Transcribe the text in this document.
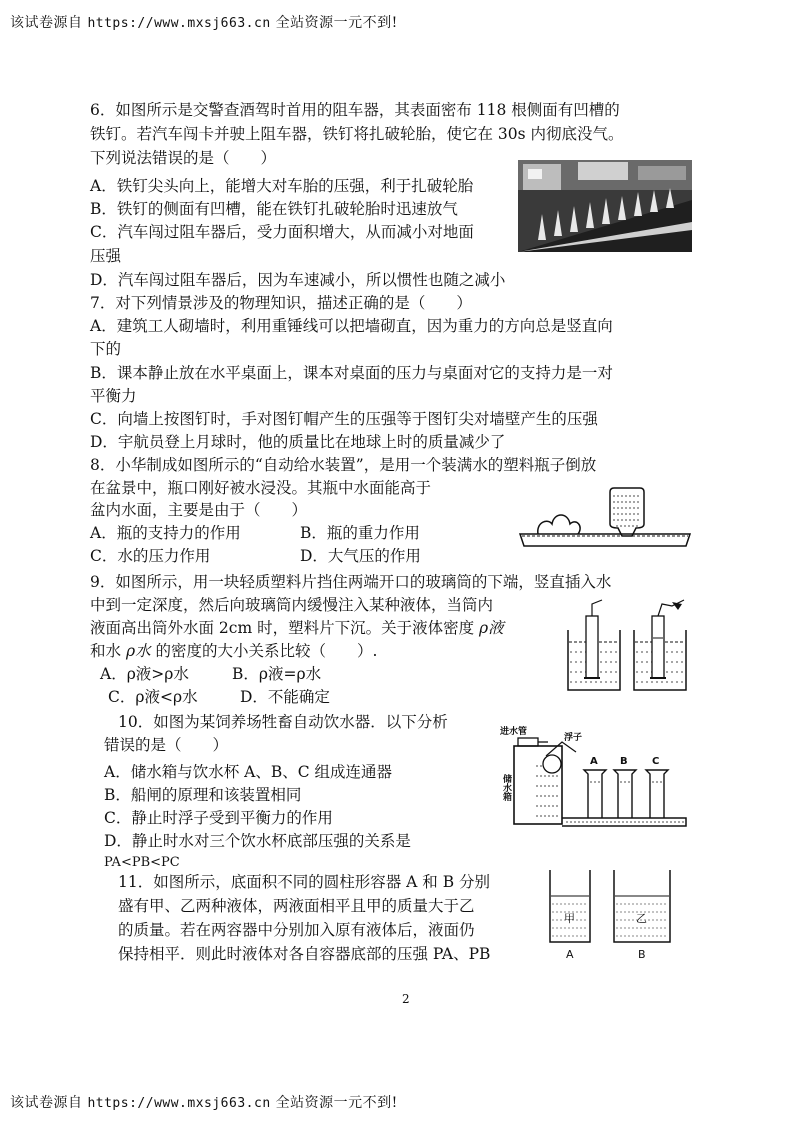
该试卷源自 https://www.mxsj663.cn 全站资源一元不到!
6．如图所示是交警查酒驾时首用的阻车器，其表面密布 118 根侧面有凹槽的
铁钉。若汽车闯卡并驶上阻车器，铁钉将扎破轮胎，使它在 30s 内彻底没气。
下列说法错误的是（　　）
A．铁钉尖头向上，能增大对车胎的压强，利于扎破轮胎
B．铁钉的侧面有凹槽，能在铁钉扎破轮胎时迅速放气
C．汽车闯过阻车器后，受力面积增大，从而减小对地面
压强
D．汽车闯过阻车器后，因为车速减小，所以惯性也随之减小
7．对下列情景涉及的物理知识，描述正确的是（　　）
A．建筑工人砌墙时，利用重锤线可以把墙砌直，因为重力的方向总是竖直向
下的
B．课本静止放在水平桌面上，课本对桌面的压力与桌面对它的支持力是一对
平衡力
C．向墙上按图钉时，手对图钉帽产生的压强等于图钉尖对墙壁产生的压强
D．宇航员登上月球时，他的质量比在地球上时的质量减少了
8．小华制成如图所示的“自动给水装置”，是用一个装满水的塑料瓶子倒放
在盆景中，瓶口刚好被水浸没。其瓶中水面能高于
盆内水面，主要是由于（　　）
A．瓶的支持力的作用	B．瓶的重力作用
C．水的压力作用	D．大气压的作用
9．如图所示，用一块轻质塑料片挡住两端开口的玻璃筒的下端，竖直插入水
中到一定深度，然后向玻璃筒内缓慢注入某种液体，当筒内
液面高出筒外水面 2cm 时，塑料片下沉。关于液体密度 ρ液
和水 ρ水 的密度的大小关系比较（　　）.
A．ρ液>ρ水	B．ρ液=ρ水
C．ρ液<ρ水	D．不能确定
10．如图为某饲养场牲畜自动饮水器．以下分析
错误的是（　　）
A．储水箱与饮水杯 A、B、C 组成连通器
B．船闸的原理和该装置相同
C．静止时浮子受到平衡力的作用
D．静止时水对三个饮水杯底部压强的关系是
PA<PB<PC
进水管
浮子
储水箱
A B C
11．如图所示，底面积不同的圆柱形容器 A 和 B 分别
盛有甲、乙两种液体，两液面相平且甲的质量大于乙
的质量。若在两容器中分别加入原有液体后，液面仍
保持相平．则此时液体对各自容器底部的压强 PA、PB
甲	乙
A	B
2
该试卷源自 https://www.mxsj663.cn 全站资源一元不到!
